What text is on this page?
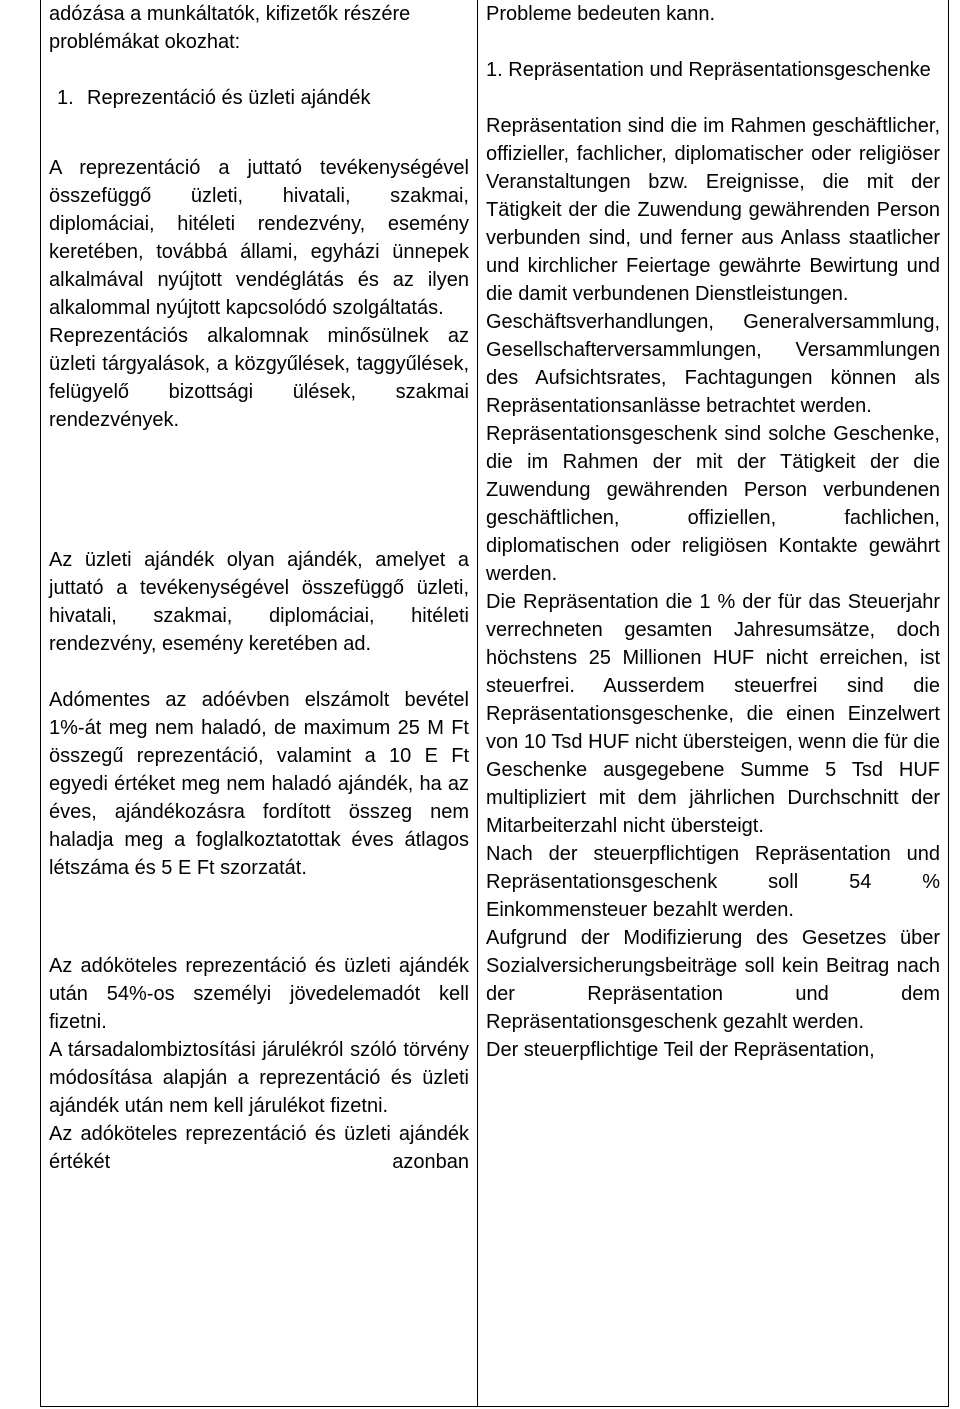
adózása a munkáltatók, kifizetők részére problémákat okozhat:

1. Reprezentáció és üzleti ajándék

A reprezentáció a juttató tevékenységével összefüggő üzleti, hivatali, szakmai, diplomáciai, hitéleti rendezvény, esemény keretében, továbbá állami, egyházi ünnepek alkalmával nyújtott vendéglátás és az ilyen alkalommal nyújtott kapcsolódó szolgáltatás.

Reprezentációs alkalomnak minősülnek az üzleti tárgyalások, a közgyűlések, taggyűlések, felügyelő bizottsági ülések, szakmai rendezvények.

Az üzleti ajándék olyan ajándék, amelyet a juttató a tevékenységével összefüggő üzleti, hivatali, szakmai, diplomáciai, hitéleti rendezvény, esemény keretében ad.

Adómentes az adóévben elszámolt bevétel 1%-át meg nem haladó, de maximum 25 M Ft összegű reprezentáció, valamint a 10 E Ft egyedi értéket meg nem haladó ajándék, ha az éves, ajándékozásra fordított összeg nem haladja meg a foglalkoztatottak éves átlagos létszáma és 5 E Ft szorzatát.

Az adóköteles reprezentáció és üzleti ajándék után 54%-os személyi jövedelemadót kell fizetni.

A társadalombiztosítási járulékról szóló törvény módosítása alapján a reprezentáció és üzleti ajándék után nem kell járulékot fizetni.

Az adóköteles reprezentáció és üzleti ajándék értékét azonban

Probleme bedeuten kann.

1. Repräsentation und Repräsentationsgeschenke

Repräsentation sind die im Rahmen geschäftlicher, offizieller, fachlicher, diplomatischer oder religiöser Veranstaltungen bzw. Ereignisse, die mit der Tätigkeit der die Zuwendung gewährenden Person verbunden sind, und ferner aus Anlass staatlicher und kirchlicher Feiertage gewährte Bewirtung und die damit verbundenen Dienstleistungen.

Geschäftsverhandlungen, Generalversammlung, Gesellschafterversammlungen, Versammlungen des Aufsichtsrates, Fachtagungen können als Repräsentationsanlässe betrachtet werden.

Repräsentationsgeschenk sind solche Geschenke, die im Rahmen der mit der Tätigkeit der die Zuwendung gewährenden Person verbundenen geschäftlichen, offiziellen, fachlichen, diplomatischen oder religiösen Kontakte gewährt werden.

Die Repräsentation die 1 % der für das Steuerjahr verrechneten gesamten Jahresumsätze, doch höchstens 25 Millionen HUF nicht erreichen, ist steuerfrei. Ausserdem steuerfrei sind die Repräsentationsgeschenke, die einen Einzelwert von 10 Tsd HUF nicht übersteigen, wenn die für die Geschenke ausgegebene Summe 5 Tsd HUF multipliziert mit dem jährlichen Durchschnitt der Mitarbeiterzahl nicht übersteigt.

Nach der steuerpflichtigen Repräsentation und Repräsentationsgeschenk soll 54 % Einkommensteuer bezahlt werden.

Aufgrund der Modifizierung des Gesetzes über Sozialversicherungsbeiträge soll kein Beitrag nach der Repräsentation und dem Repräsentationsgeschenk gezahlt werden.

Der steuerpflichtige Teil der Repräsentation,
